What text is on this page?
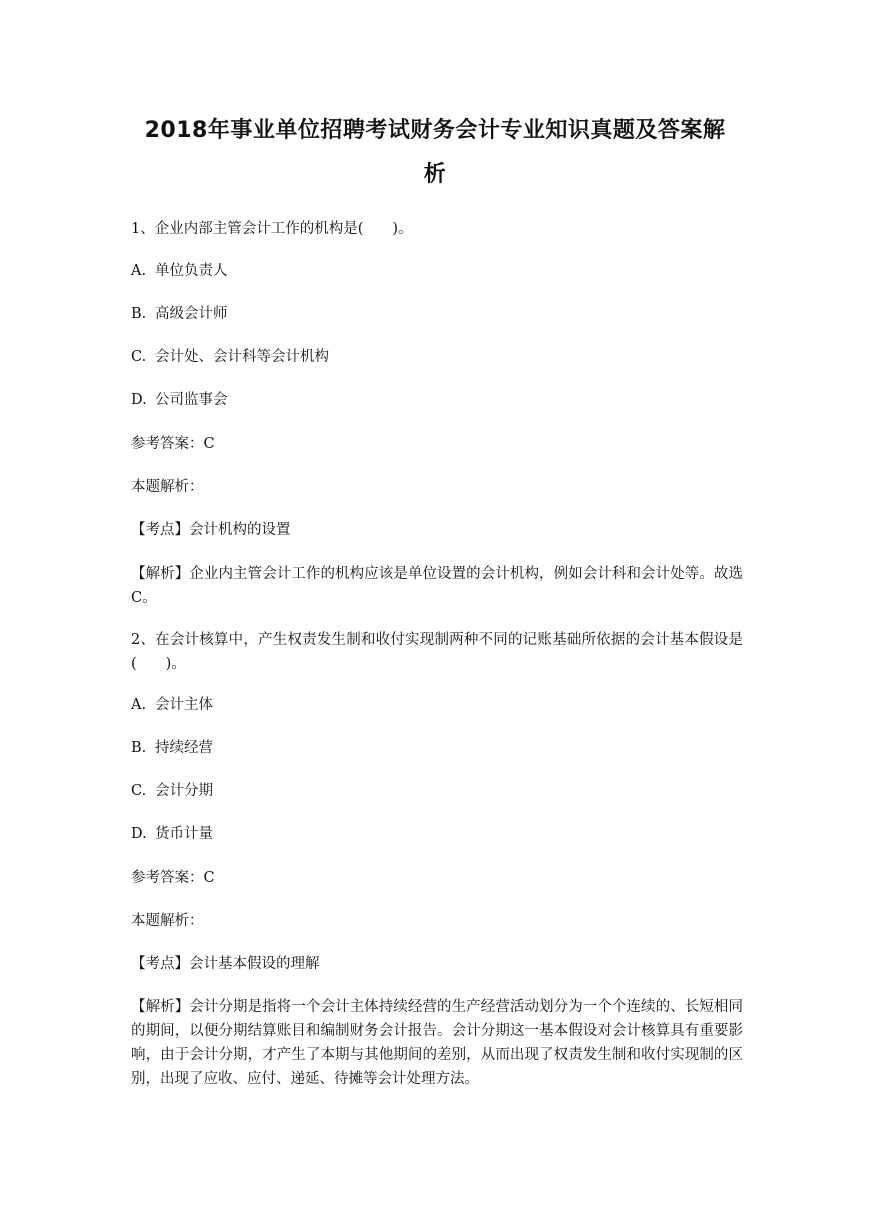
2018年事业单位招聘考试财务会计专业知识真题及答案解
析
1、企业内部主管会计工作的机构是(　　)。
A. 单位负责人
B. 高级会计师
C. 会计处、会计科等会计机构
D. 公司监事会
参考答案：C
本题解析：
【考点】会计机构的设置
【解析】企业内主管会计工作的机构应该是单位设置的会计机构，例如会计科和会计处等。故选 C。
2、在会计核算中，产生权责发生制和收付实现制两种不同的记账基础所依据的会计基本假设是(　　)。
A. 会计主体
B. 持续经营
C. 会计分期
D. 货币计量
参考答案：C
本题解析：
【考点】会计基本假设的理解
【解析】会计分期是指将一个会计主体持续经营的生产经营活动划分为一个个连续的、长短相同的期间，以便分期结算账目和编制财务会计报告。会计分期这一基本假设对会计核算具有重要影响，由于会计分期，才产生了本期与其他期间的差别，从而出现了权责发生制和收付实现制的区别，出现了应收、应付、递延、待摊等会计处理方法。
